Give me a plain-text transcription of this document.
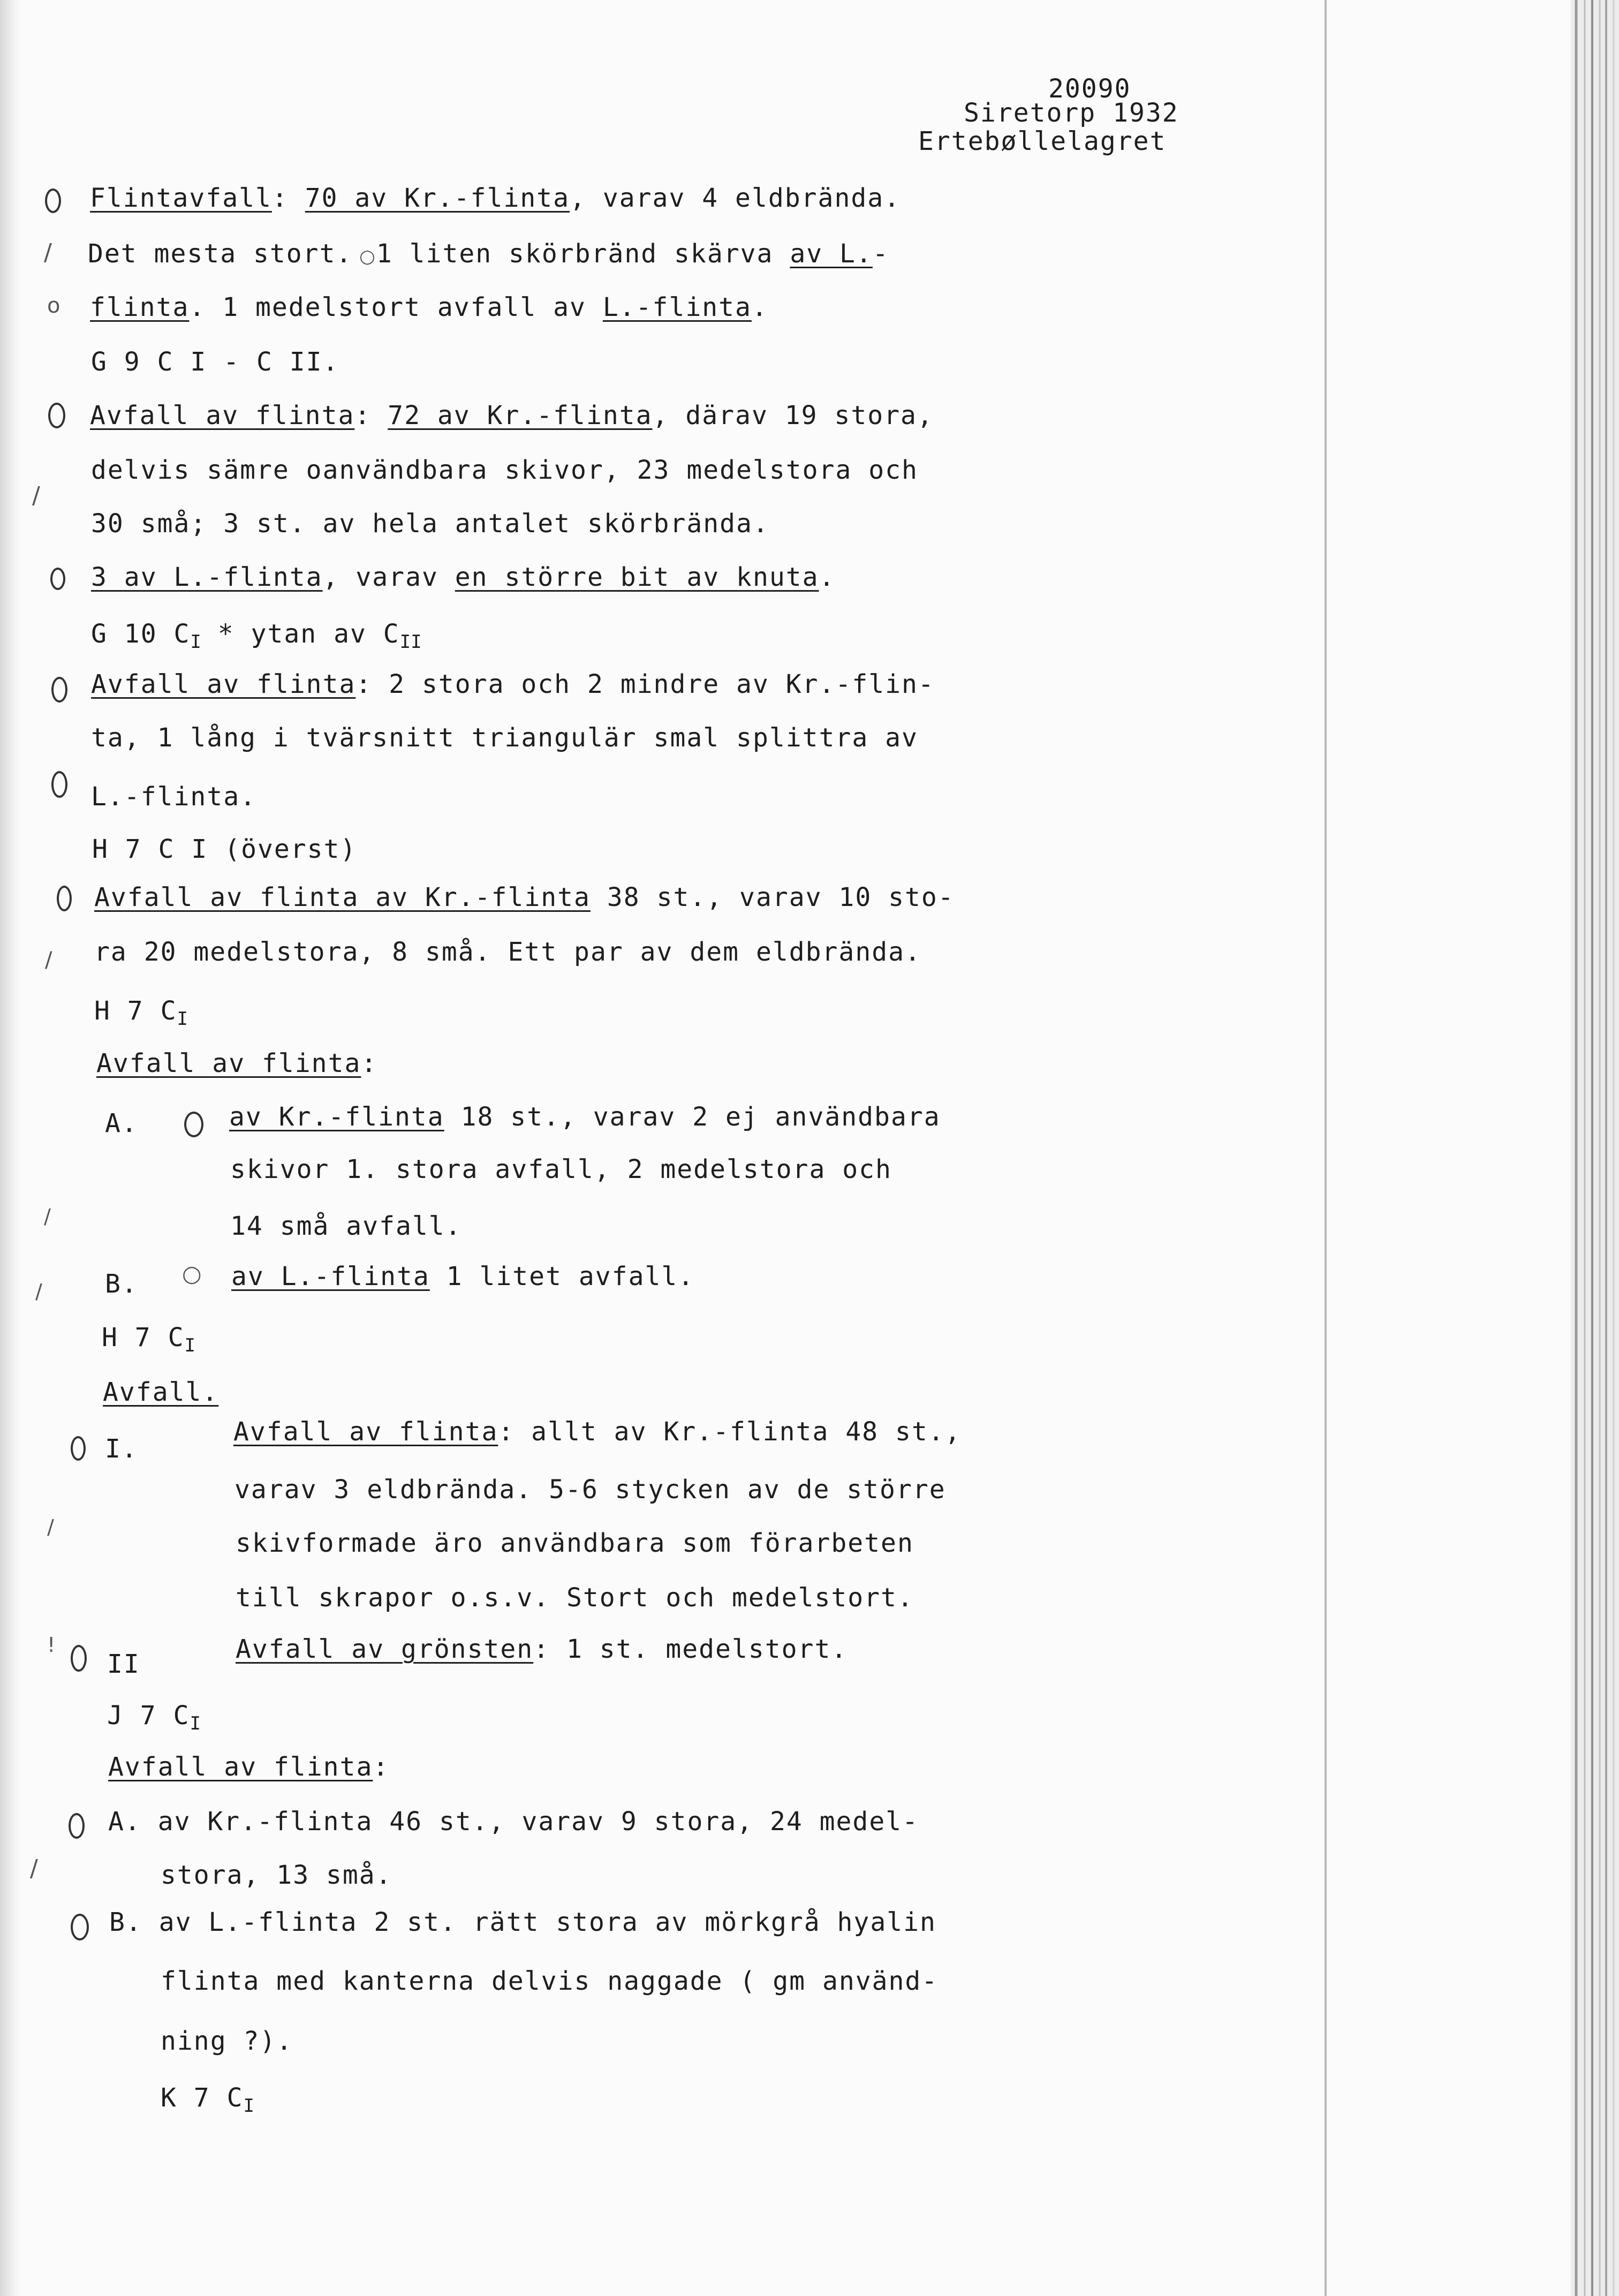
20090
Siretorp 1932
Ertebøllelagret
/
o
/
/
/
○
/
/
!
/
Flintavfall: 70 av Kr.-flinta, varav 4 eldbrända.
Det mesta stort. ○1 liten skörbränd skärva av L.-
flinta. 1 medelstort avfall av L.-flinta.
G 9 C I - C II.
Avfall av flinta: 72 av Kr.-flinta, därav 19 stora,
delvis sämre oanvändbara skivor, 23 medelstora och
30 små; 3 st. av hela antalet skörbrända.
3 av L.-flinta, varav en större bit av knuta.
G 10 $C_I$ * ytan av $C_{II}$
Avfall av flinta: 2 stora och 2 mindre av Kr.-flin-
ta, 1 lång i tvärsnitt triangulär smal splittra av
L.-flinta.
H 7 C I (överst)
Avfall av flinta av Kr.-flinta 38 st., varav 10 sto-
ra 20 medelstora, 8 små. Ett par av dem eldbrända.
H 7 $C_I$
Avfall av flinta:
A.	av Kr.-flinta 18 st., varav 2 ej användbara
skivor 1. stora avfall, 2 medelstora och
14 små avfall.
B.	av L.-flinta 1 litet avfall.
H 7 $C_I$
Avfall.
I.
Avfall av flinta: allt av Kr.-flinta 48 st.,
varav 3 eldbrända. 5-6 stycken av de större
skivformade äro användbara som förarbeten
till skrapor o.s.v. Stort och medelstort.
II	Avfall av grönsten: 1 st. medelstort.
J 7 $C_I$
Avfall av flinta:
A. av Kr.-flinta 46 st., varav 9 stora, 24 medel-
stora, 13 små.
B. av L.-flinta 2 st. rätt stora av mörkgrå hyalin
flinta med kanterna delvis naggade ( gm använd-
ning ?).
K 7 $C_I$
